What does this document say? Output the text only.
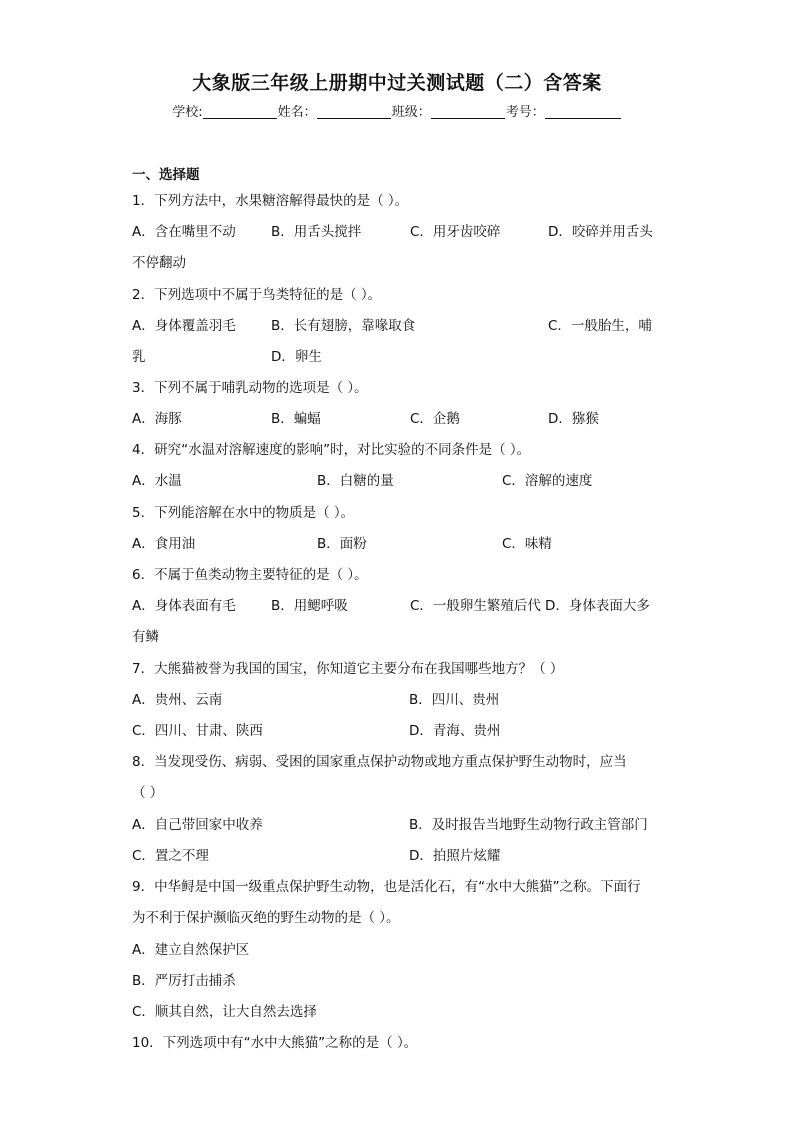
大象版三年级上册期中过关测试题（二）含答案
学校:	姓名：	班级：	考号：
一、选择题
1．下列方法中，水果糖溶解得最快的是（ ）。
A．含在嘴里不动	B．用舌头搅拌	C．用牙齿咬碎	D．咬碎并用舌头
不停翻动
2．下列选项中不属于鸟类特征的是（ ）。
A．身体覆盖羽毛	B．长有翅膀，靠喙取食	C．一般胎生，哺
乳	D．卵生
3．下列不属于哺乳动物的选项是（ ）。
A．海豚	B．蝙蝠	C．企鹅	D．猕猴
4．研究“水温对溶解速度的影响”时，对比实验的不同条件是（ ）。
A．水温	B．白糖的量	C．溶解的速度
5．下列能溶解在水中的物质是（ ）。
A．食用油	B．面粉	C．味精
6．不属于鱼类动物主要特征的是（ ）。
A．身体表面有毛	B．用鳃呼吸	C．一般卵生繁殖后代 D．身体表面大多
有鳞
7．大熊猫被誉为我国的国宝，你知道它主要分布在我国哪些地方？（ ）
A．贵州、云南	B．四川、贵州
C．四川、甘肃、陕西	D．青海、贵州
8．当发现受伤、病弱、受困的国家重点保护动物或地方重点保护野生动物时，应当
（ ）
A．自己带回家中收养	B．及时报告当地野生动物行政主管部门
C．置之不理	D．拍照片炫耀
9．中华鲟是中国一级重点保护野生动物，也是活化石，有“水中大熊猫”之称。下面行
为不利于保护濒临灭绝的野生动物的是（ ）。
A．建立自然保护区
B．严厉打击捕杀
C．顺其自然，让大自然去选择
10．下列选项中有“水中大熊猫”之称的是（ ）。
